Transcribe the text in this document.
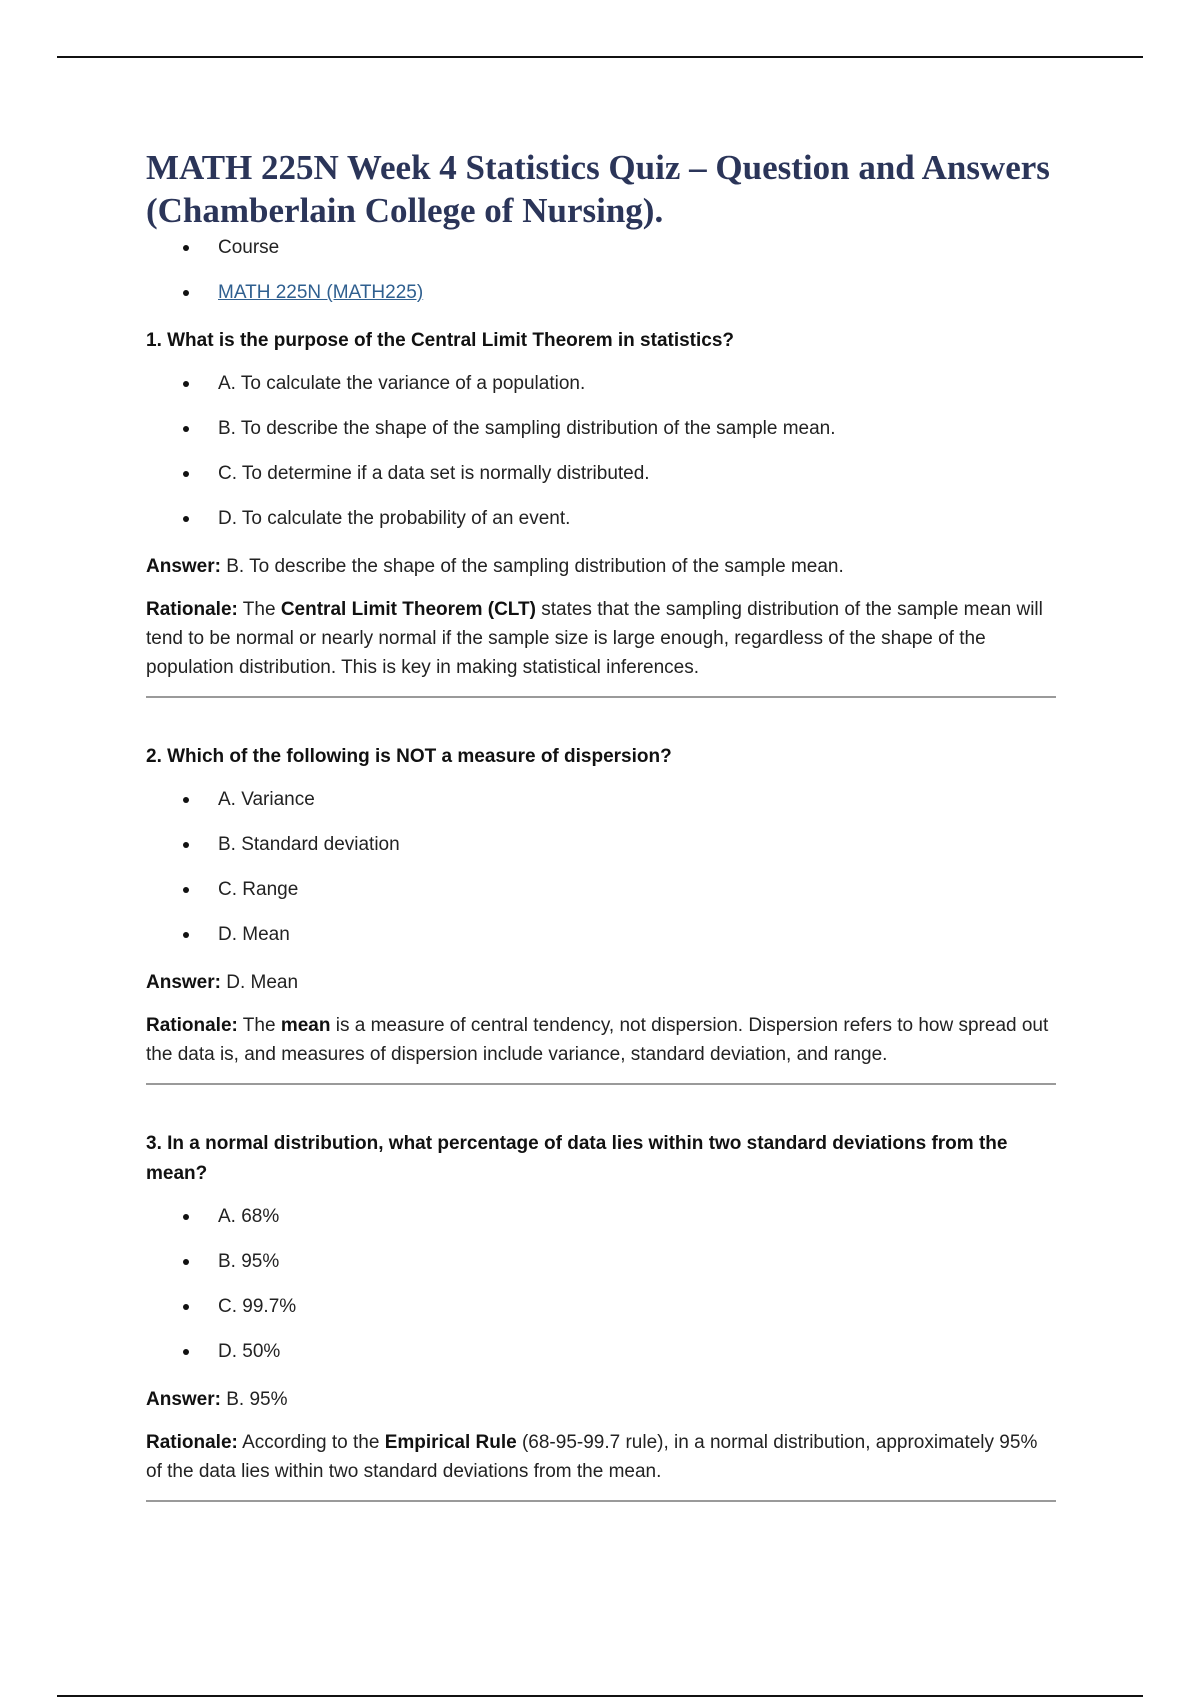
MATH 225N Week 4 Statistics Quiz – Question and Answers (Chamberlain College of Nursing).
Course
MATH 225N (MATH225)

1. What is the purpose of the Central Limit Theorem in statistics?

A. To calculate the variance of a population.
B. To describe the shape of the sampling distribution of the sample mean.
C. To determine if a data set is normally distributed.
D. To calculate the probability of an event.

Answer: B. To describe the shape of the sampling distribution of the sample mean.

Rationale: The Central Limit Theorem (CLT) states that the sampling distribution of the sample mean will tend to be normal or nearly normal if the sample size is large enough, regardless of the shape of the population distribution. This is key in making statistical inferences.

2. Which of the following is NOT a measure of dispersion?

A. Variance
B. Standard deviation
C. Range
D. Mean

Answer: D. Mean

Rationale: The mean is a measure of central tendency, not dispersion. Dispersion refers to how spread out the data is, and measures of dispersion include variance, standard deviation, and range.

3. In a normal distribution, what percentage of data lies within two standard deviations from the mean?

A. 68%
B. 95%
C. 99.7%
D. 50%

Answer: B. 95%

Rationale: According to the Empirical Rule (68-95-99.7 rule), in a normal distribution, approximately 95% of the data lies within two standard deviations from the mean.
